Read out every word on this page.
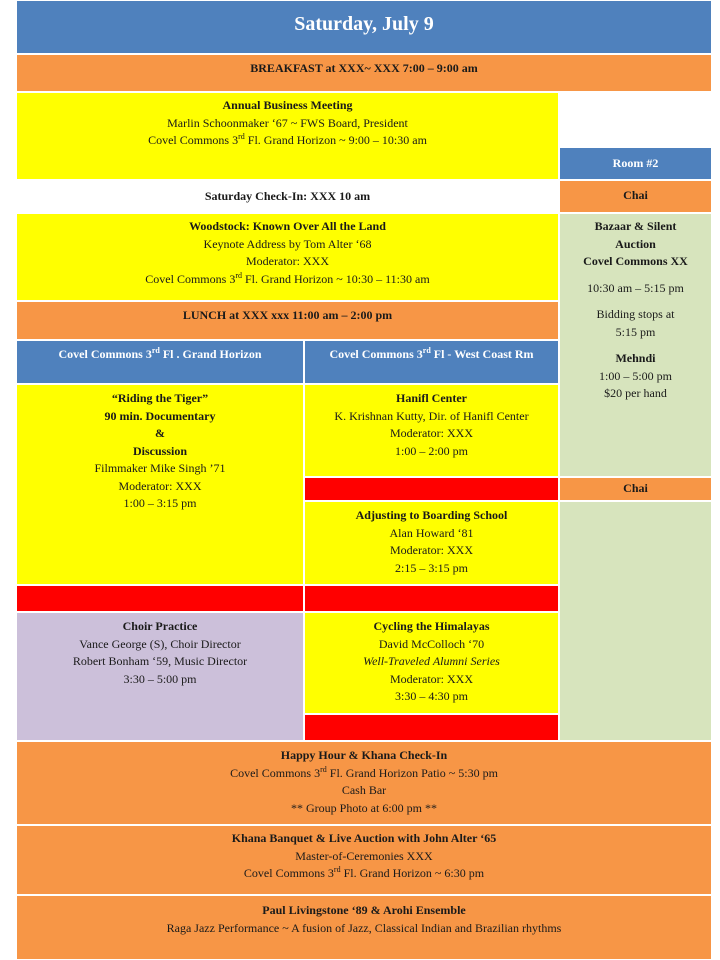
Saturday, July 9
BREAKFAST at XXX~ XXX 7:00 – 9:00 am
Annual Business Meeting
Marlin Schoonmaker ‘67 ~ FWS Board, President
Covel Commons 3rd Fl. Grand Horizon ~ 9:00 – 10:30 am
Room #2
Saturday Check-In: XXX 10 am	Chai
Woodstock: Known Over All the Land
Keynote Address by Tom Alter ‘68
Moderator: XXX
Covel Commons 3rd Fl. Grand Horizon ~ 10:30 – 11:30 am
Bazaar & Silent Auction
Covel Commons XX
10:30 am – 5:15 pm
Bidding stops at
5:15 pm
Mehndi
1:00 – 5:00 pm
$20 per hand
LUNCH at XXX xxx 11:00 am – 2:00 pm
Covel Commons 3rd Fl . Grand Horizon	Covel Commons 3rd Fl - West Coast Rm
“Riding the Tiger”
90 min. Documentary
&
Discussion
Filmmaker Mike Singh ’71
Moderator: XXX
1:00 – 3:15 pm
Hanifl Center
K. Krishnan Kutty, Dir. of Hanifl Center
Moderator: XXX
1:00 – 2:00 pm
Chai
Adjusting to Boarding School
Alan Howard ‘81
Moderator: XXX
2:15 – 3:15 pm
Choir Practice
Vance George (S), Choir Director
Robert Bonham ‘59, Music Director
3:30 – 5:00 pm
Cycling the Himalayas
David McColloch ‘70
Well-Traveled Alumni Series
Moderator: XXX
3:30 – 4:30 pm
Happy Hour & Khana Check-In
Covel Commons 3rd Fl. Grand Horizon Patio ~ 5:30 pm
Cash Bar
** Group Photo at 6:00 pm **
Khana Banquet & Live Auction with John Alter ‘65
Master-of-Ceremonies XXX
Covel Commons 3rd Fl. Grand Horizon ~ 6:30 pm
Paul Livingstone ‘89 & Arohi Ensemble
Raga Jazz Performance ~ A fusion of Jazz, Classical Indian and Brazilian rhythms
